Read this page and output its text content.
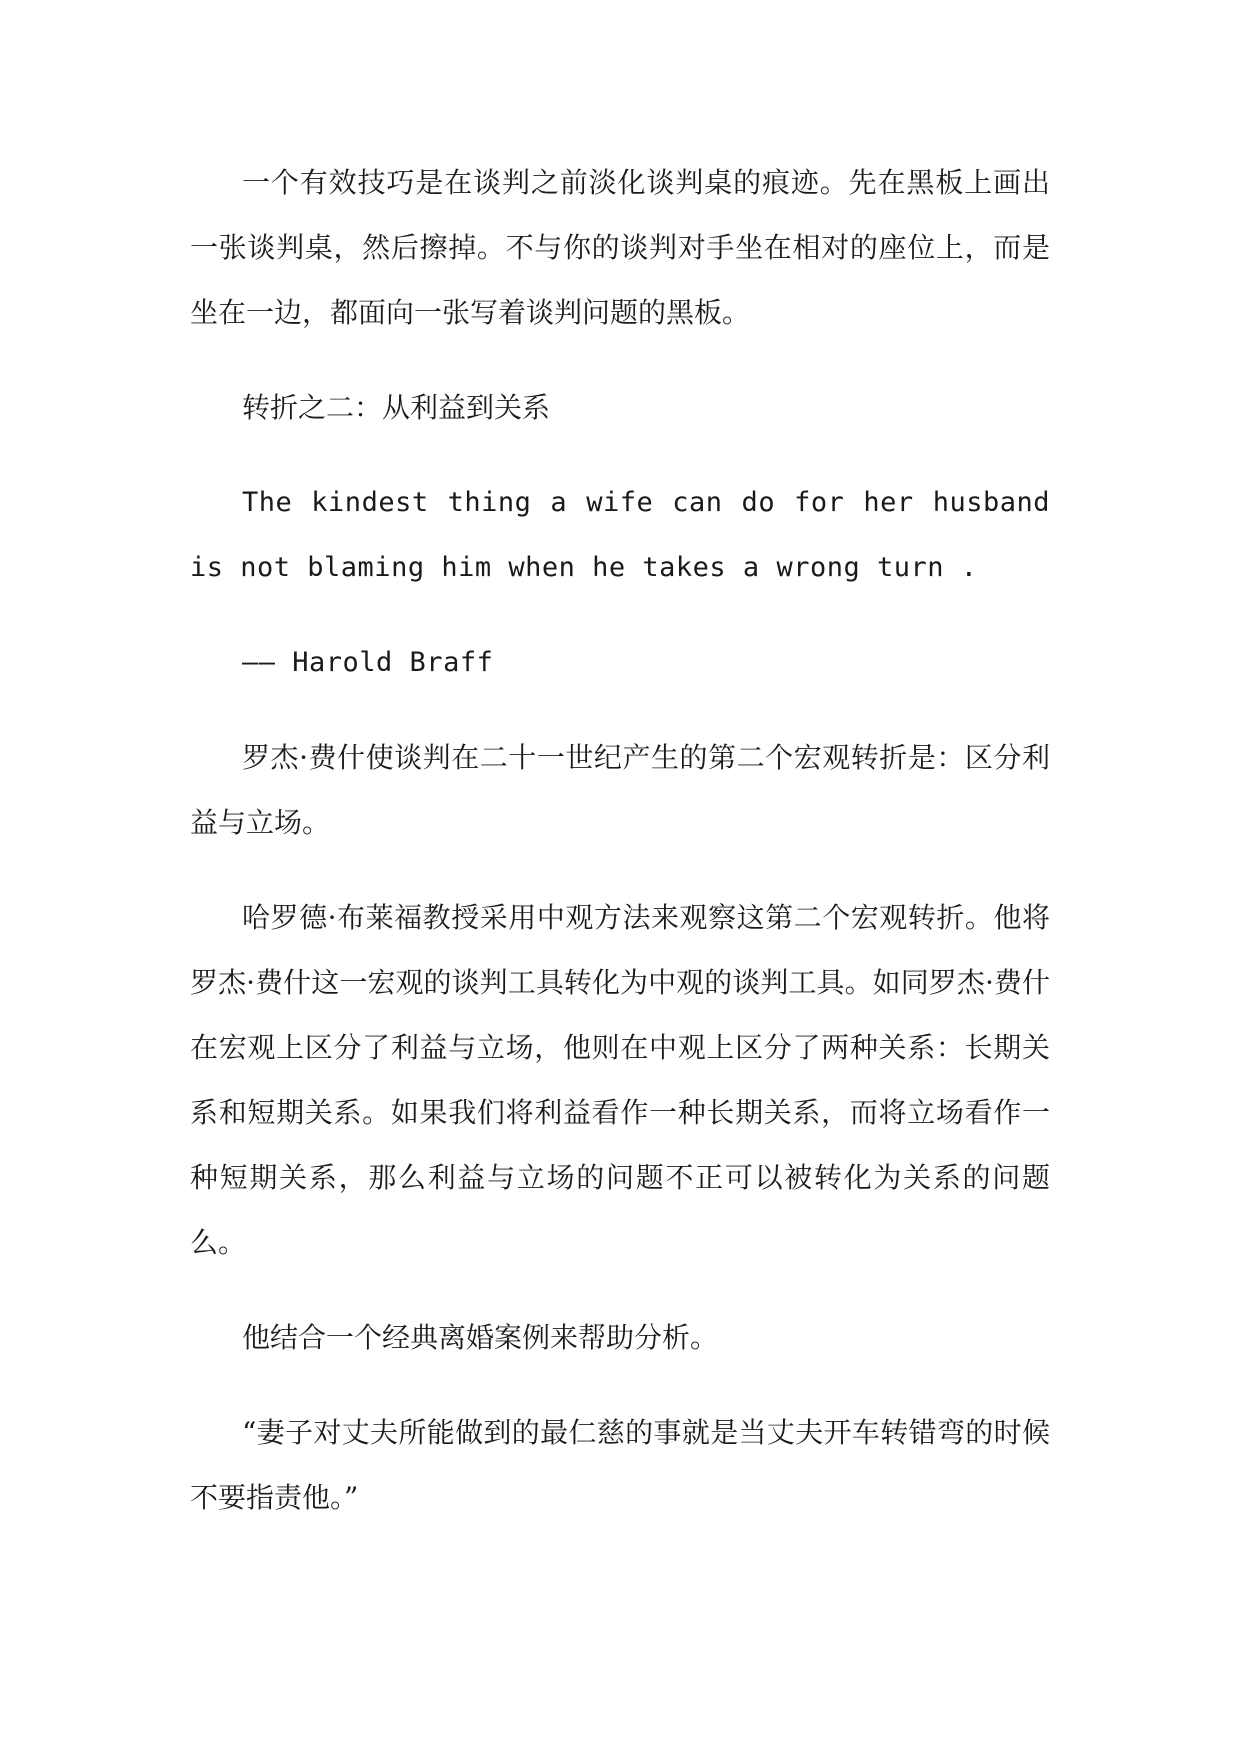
一个有效技巧是在谈判之前淡化谈判桌的痕迹。先在黑板上画出一张谈判桌，然后擦掉。不与你的谈判对手坐在相对的座位上，而是坐在一边，都面向一张写着谈判问题的黑板。

转折之二：从利益到关系

The kindest thing a wife can do for her husband is not blaming him when he takes a wrong turn .

—— Harold Braff

罗杰·费什使谈判在二十一世纪产生的第二个宏观转折是：区分利益与立场。

哈罗德·布莱福教授采用中观方法来观察这第二个宏观转折。他将罗杰·费什这一宏观的谈判工具转化为中观的谈判工具。如同罗杰·费什在宏观上区分了利益与立场，他则在中观上区分了两种关系：长期关系和短期关系。如果我们将利益看作一种长期关系，而将立场看作一种短期关系，那么利益与立场的问题不正可以被转化为关系的问题么。

他结合一个经典离婚案例来帮助分析。

“妻子对丈夫所能做到的最仁慈的事就是当丈夫开车转错弯的时候不要指责他。”
